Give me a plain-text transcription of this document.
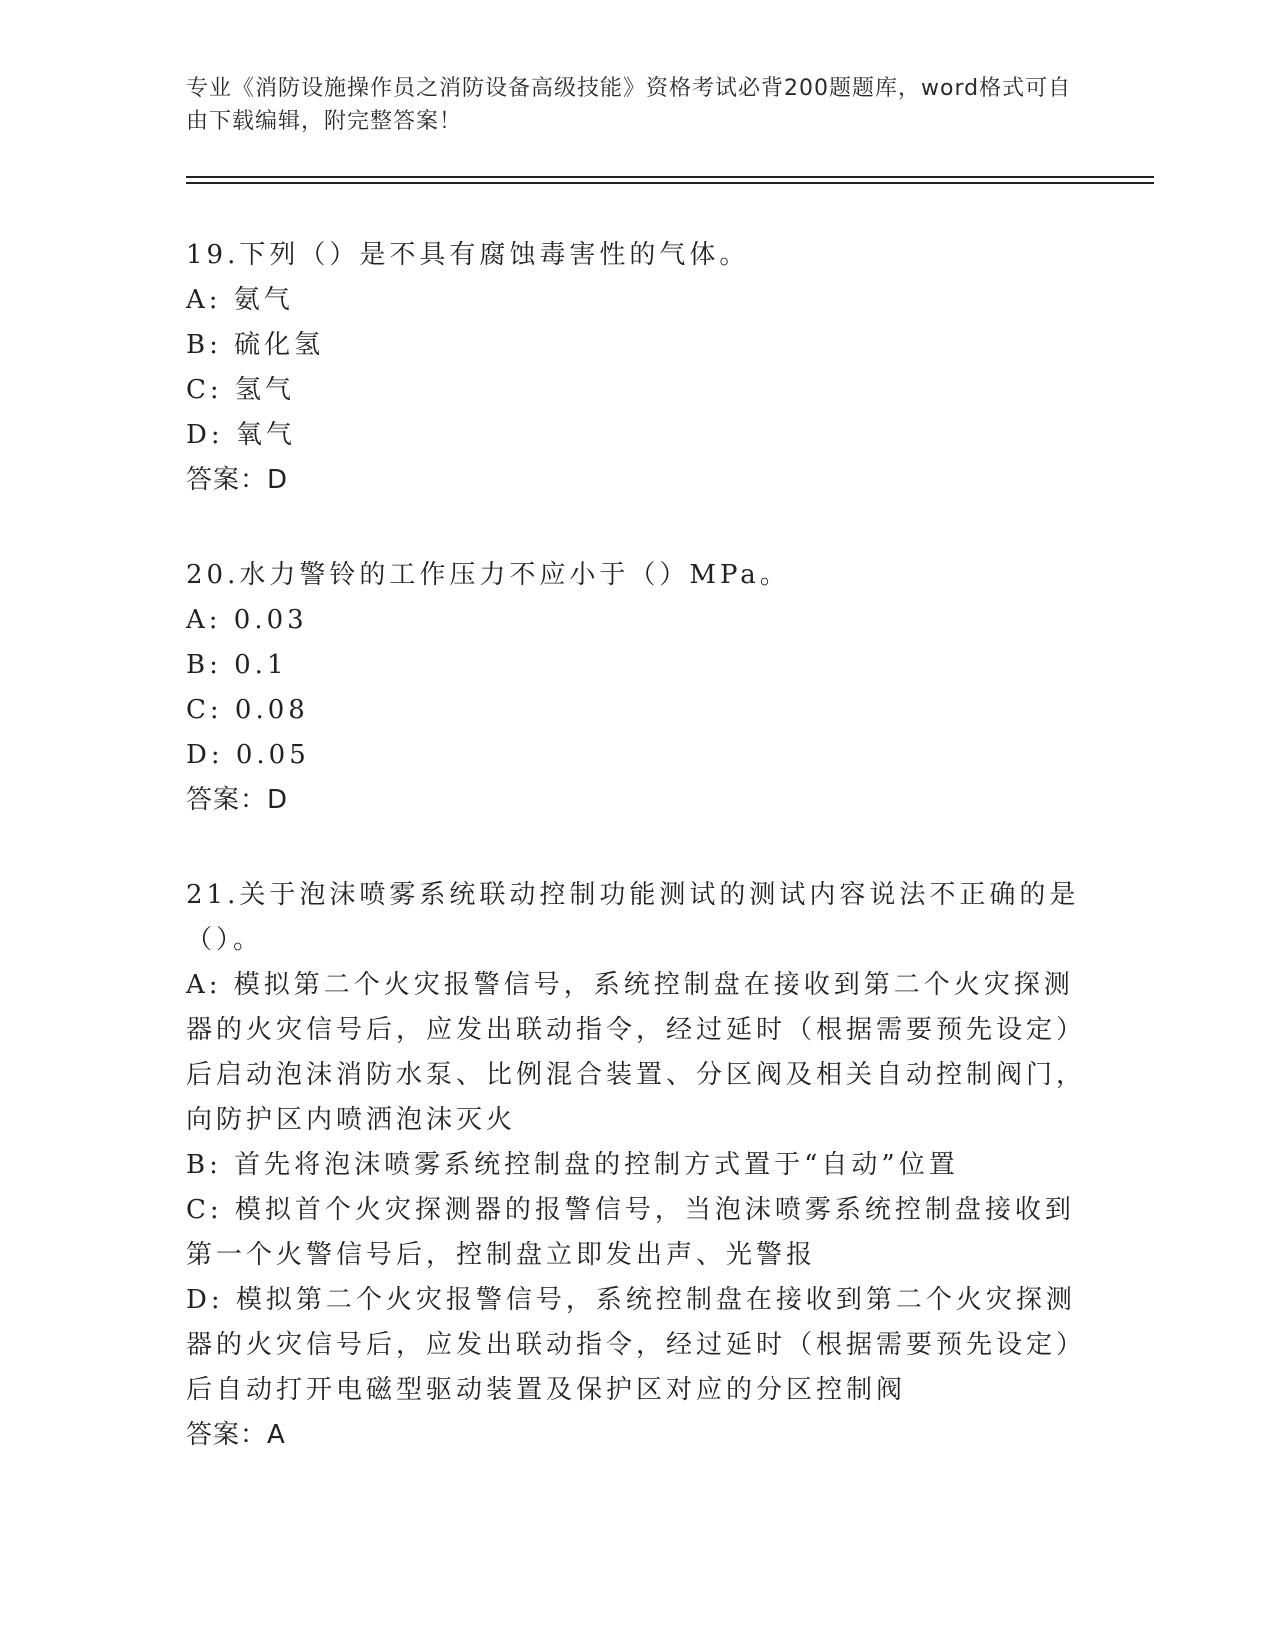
专业《消防设施操作员之消防设备高级技能》资格考试必背200题题库，word格式可自由下载编辑，附完整答案！
19.下列（）是不具有腐蚀毒害性的气体。
A: 氨气
B: 硫化氢
C: 氢气
D: 氧气
答案：D
20.水力警铃的工作压力不应小于（）MPa。
A: 0.03
B: 0.1
C: 0.08
D: 0.05
答案：D
21.关于泡沫喷雾系统联动控制功能测试的测试内容说法不正确的是（）。
A: 模拟第二个火灾报警信号，系统控制盘在接收到第二个火灾探测器的火灾信号后，应发出联动指令，经过延时（根据需要预先设定）后启动泡沫消防水泵、比例混合装置、分区阀及相关自动控制阀门，向防护区内喷洒泡沫灭火
B: 首先将泡沫喷雾系统控制盘的控制方式置于“自动”位置
C: 模拟首个火灾探测器的报警信号，当泡沫喷雾系统控制盘接收到第一个火警信号后，控制盘立即发出声、光警报
D: 模拟第二个火灾报警信号，系统控制盘在接收到第二个火灾探测器的火灾信号后，应发出联动指令，经过延时（根据需要预先设定）后自动打开电磁型驱动装置及保护区对应的分区控制阀
答案：A
